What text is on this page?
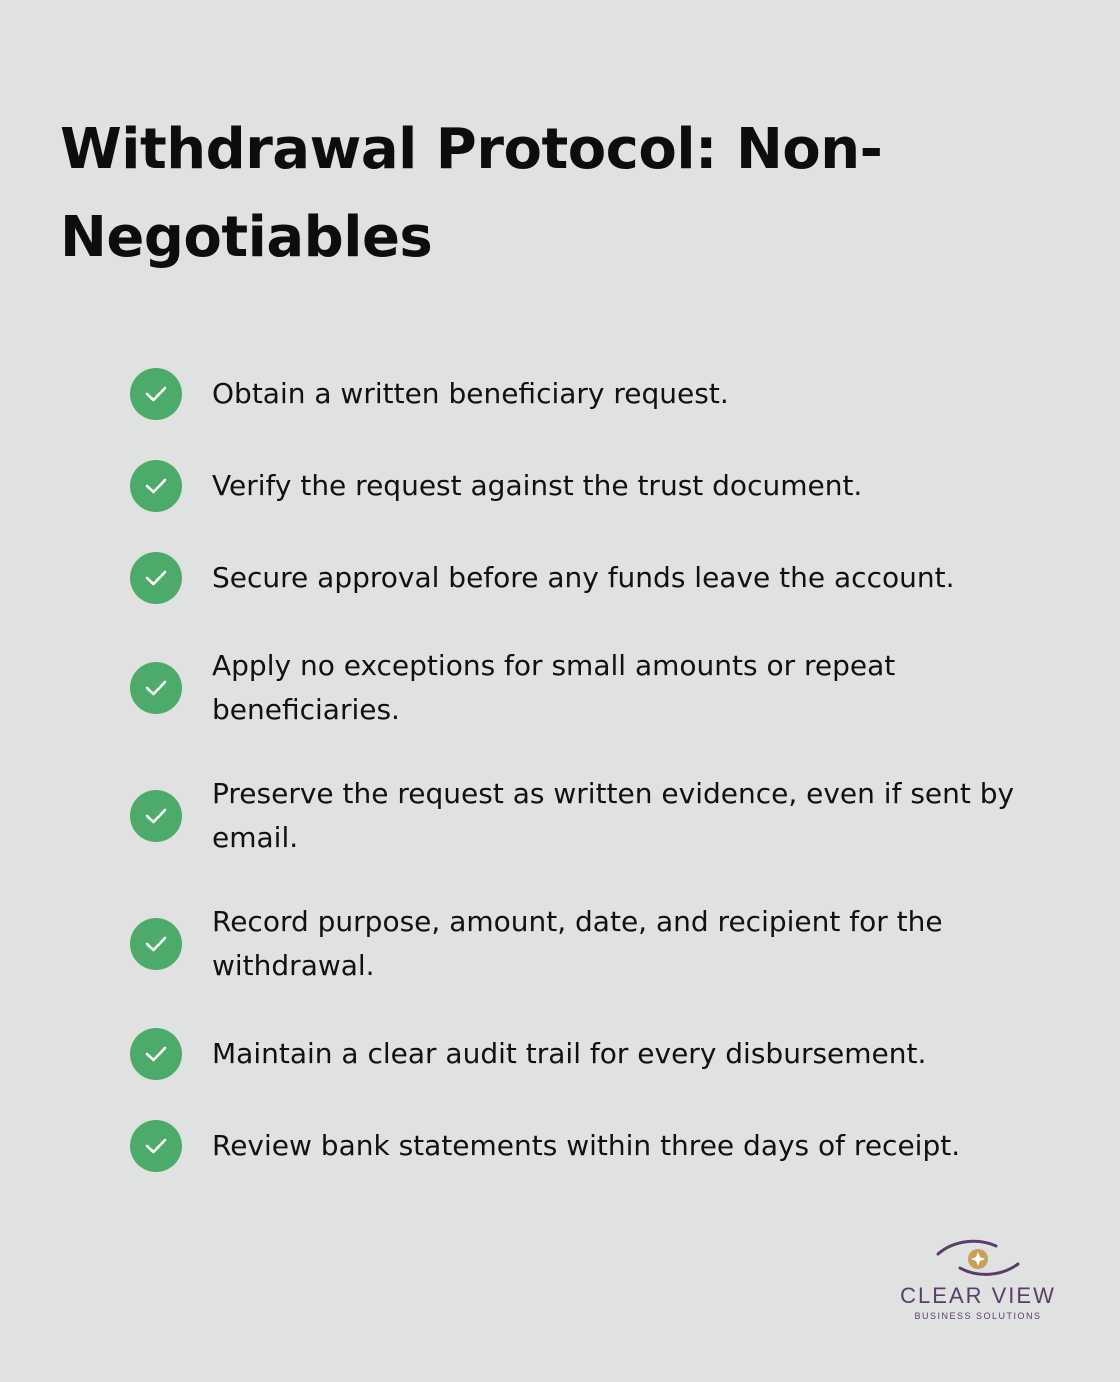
Withdrawal Protocol: Non-Negotiables
Obtain a written beneficiary request.
Verify the request against the trust document.
Secure approval before any funds leave the account.
Apply no exceptions for small amounts or repeat beneficiaries.
Preserve the request as written evidence, even if sent by email.
Record purpose, amount, date, and recipient for the withdrawal.
Maintain a clear audit trail for every disbursement.
Review bank statements within three days of receipt.
CLEAR VIEW
BUSINESS SOLUTIONS
